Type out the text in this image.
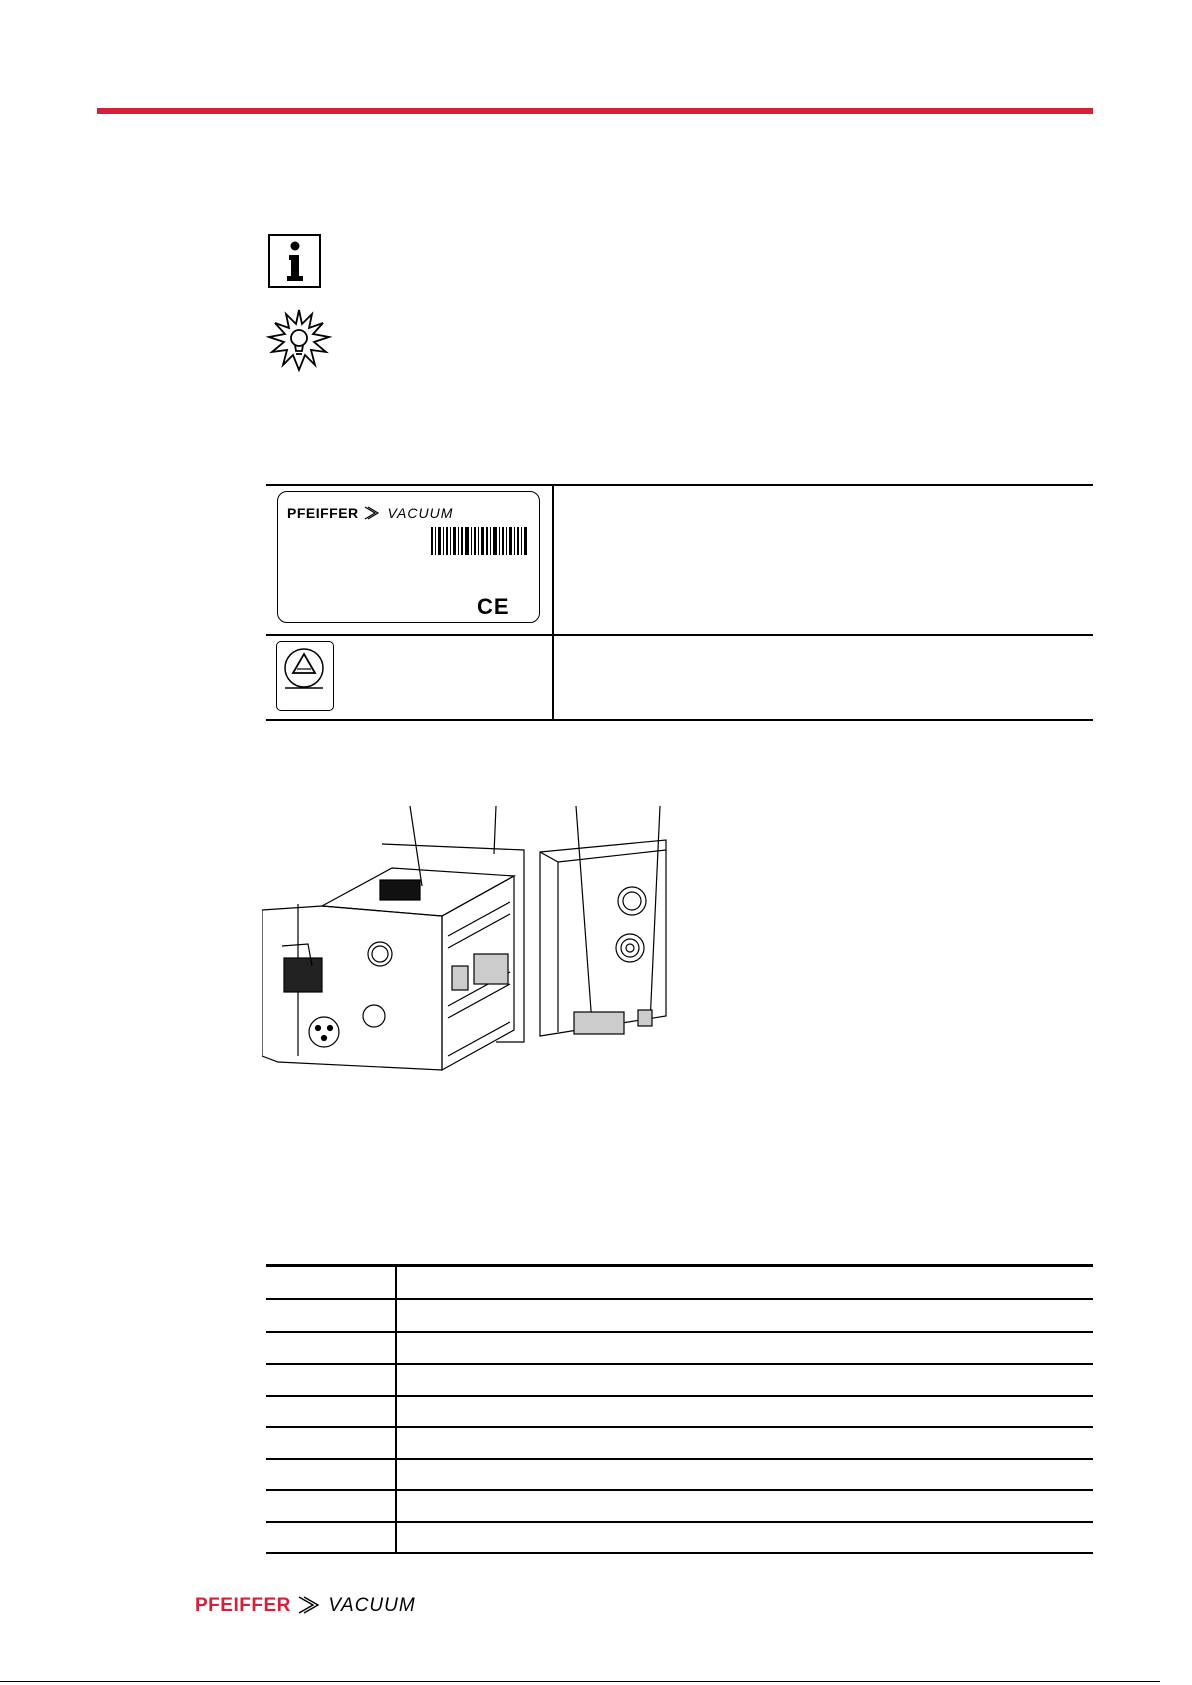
PFEIFFER VACUUM
CE
PFEIFFER VACUUM
